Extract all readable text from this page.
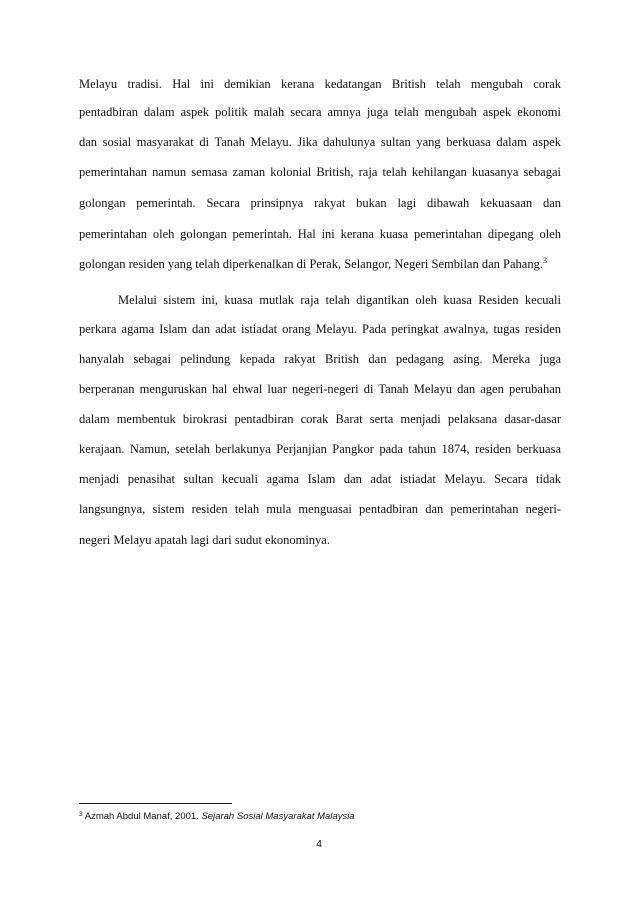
Melayu tradisi. Hal ini demikian kerana kedatangan British telah mengubah corak
pentadbiran dalam aspek politik malah secara amnya juga telah mengubah aspek ekonomi
dan sosial masyarakat di Tanah Melayu. Jika dahulunya sultan yang berkuasa dalam aspek
pemerintahan namun semasa zaman kolonial British, raja telah kehilangan kuasanya sebagai
golongan pemerintah. Secara prinsipnya rakyat bukan lagi dibawah kekuasaan dan
pemerintahan oleh golongan pemerintah. Hal ini kerana kuasa pemerintahan dipegang oleh
golongan residen yang telah diperkenalkan di Perak, Selangor, Negeri Sembilan dan Pahang.$^3$
Melalui sistem ini, kuasa mutlak raja telah digantikan oleh kuasa Residen kecuali
perkara agama Islam dan adat istiadat orang Melayu. Pada peringkat awalnya, tugas residen
hanyalah sebagai pelindung kepada rakyat British dan pedagang asing. Mereka juga
berperanan menguruskan hal ehwal luar negeri-negeri di Tanah Melayu dan agen perubahan
dalam membentuk birokrasi pentadbiran corak Barat serta menjadi pelaksana dasar-dasar
kerajaan. Namun, setelah berlakunya Perjanjian Pangkor pada tahun 1874, residen berkuasa
menjadi penasihat sultan kecuali agama Islam dan adat istiadat Melayu. Secara tidak
langsungnya, sistem residen telah mula menguasai pentadbiran dan pemerintahan negeri-
negeri Melayu apatah lagi dari sudut ekonominya.
$^3$ Azmah Abdul Manaf, 2001. Sejarah Sosial Masyarakat Malaysia
4
